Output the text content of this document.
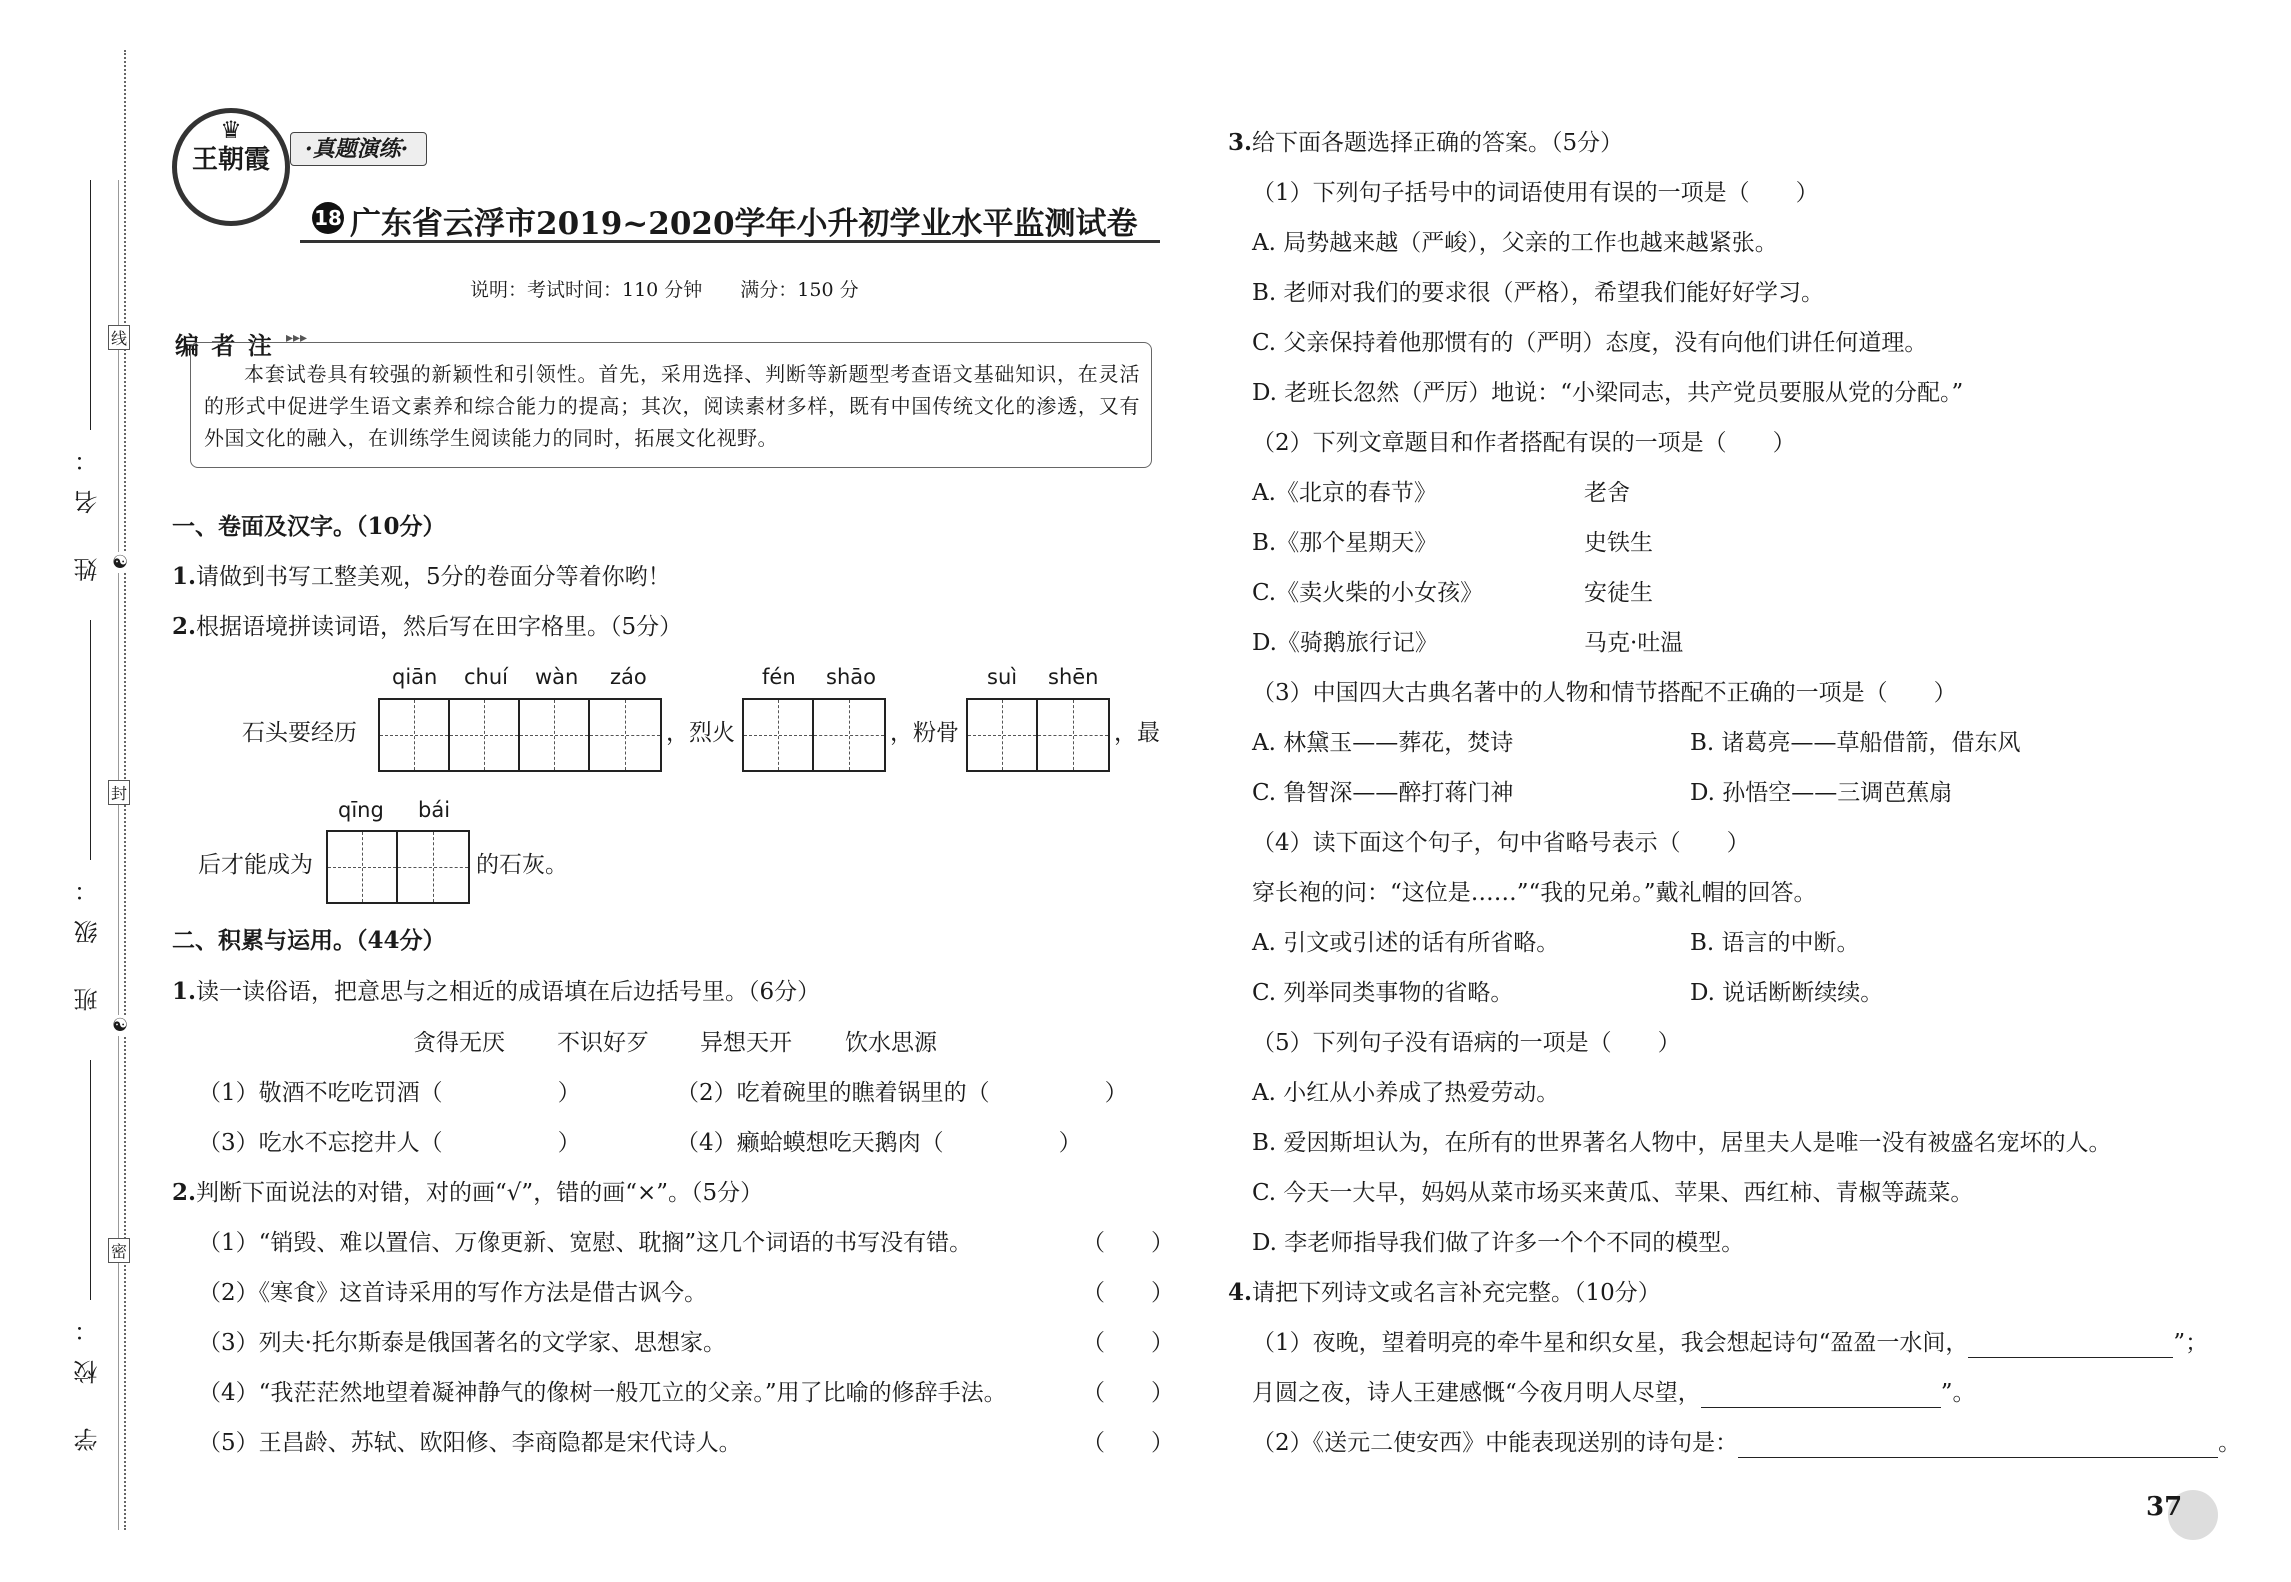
姓 名：
班 级：
学 校：
线
封
密
☯
☯
♛
王朝霞	·真题演练·
18 广东省云浮市2019~2020学年小升初学业水平监测试卷
说明：考试时间：110 分钟　　满分：150 分
编 者 注 ▸▸▸
本套试卷具有较强的新颖性和引领性。首先，采用选择、判断等新题型考查语文基础知识，在灵活的形式中促进学生语文素养和综合能力的提高；其次，阅读素材多样，既有中国传统文化的渗透，又有外国文化的融入，在训练学生阅读能力的同时，拓展文化视野。
一、卷面及汉字。（10分）
1.请做到书写工整美观，5分的卷面分等着你哟！
2.根据语境拼读词语，然后写在田字格里。（5分）
qiān chuí wàn záo	fén shāo	suì shēn
石头要经历	，烈火	，粉骨	，最
qīng bái
后才能成为	的石灰。
二、积累与运用。（44分）
1.读一读俗语，把意思与之相近的成语填在后边括号里。（6分）
贪得无厌 不识好歹 异想天开 饮水思源
（1）敬酒不吃吃罚酒（　　　　　）	（2）吃着碗里的瞧着锅里的（　　　　　）
（3）吃水不忘挖井人（　　　　　）	（4）癞蛤蟆想吃天鹅肉（　　　　　）
2.判断下面说法的对错，对的画“√”，错的画“×”。（5分）
（1）“销毁、难以置信、万像更新、宽慰、耽搁”这几个词语的书写没有错。	（　　）
（2）《寒食》这首诗采用的写作方法是借古讽今。	（　　）
（3）列夫·托尔斯泰是俄国著名的文学家、思想家。	（　　）
（4）“我茫茫然地望着凝神静气的像树一般兀立的父亲。”用了比喻的修辞手法。	（　　）
（5）王昌龄、苏轼、欧阳修、李商隐都是宋代诗人。	（　　）
3.给下面各题选择正确的答案。（5分）
（1）下列句子括号中的词语使用有误的一项是（　　）
A. 局势越来越（严峻），父亲的工作也越来越紧张。
B. 老师对我们的要求很（严格），希望我们能好好学习。
C. 父亲保持着他那惯有的（严明）态度，没有向他们讲任何道理。
D. 老班长忽然（严厉）地说：“小梁同志，共产党员要服从党的分配。”
（2）下列文章题目和作者搭配有误的一项是（　　）
A.《北京的春节》	老舍
B.《那个星期天》	史铁生
C.《卖火柴的小女孩》	安徒生
D.《骑鹅旅行记》	马克·吐温
（3）中国四大古典名著中的人物和情节搭配不正确的一项是（　　）
A. 林黛玉——葬花，焚诗	B. 诸葛亮——草船借箭，借东风
C. 鲁智深——醉打蒋门神	D. 孙悟空——三调芭蕉扇
（4）读下面这个句子，句中省略号表示（　　）
穿长袍的问：“这位是……”“我的兄弟。”戴礼帽的回答。
A. 引文或引述的话有所省略。	B. 语言的中断。
C. 列举同类事物的省略。	D. 说话断断续续。
（5）下列句子没有语病的一项是（　　）
A. 小红从小养成了热爱劳动。
B. 爱因斯坦认为，在所有的世界著名人物中，居里夫人是唯一没有被盛名宠坏的人。
C. 今天一大早，妈妈从菜市场买来黄瓜、苹果、西红柿、青椒等蔬菜。
D. 李老师指导我们做了许多一个个不同的模型。
4.请把下列诗文或名言补充完整。（10分）
（1）夜晚，望着明亮的牵牛星和织女星，我会想起诗句“盈盈一水间，	”；
月圆之夜，诗人王建感慨“今夜月明人尽望，	”。
（2）《送元二使安西》中能表现送别的诗句是：	。
37
